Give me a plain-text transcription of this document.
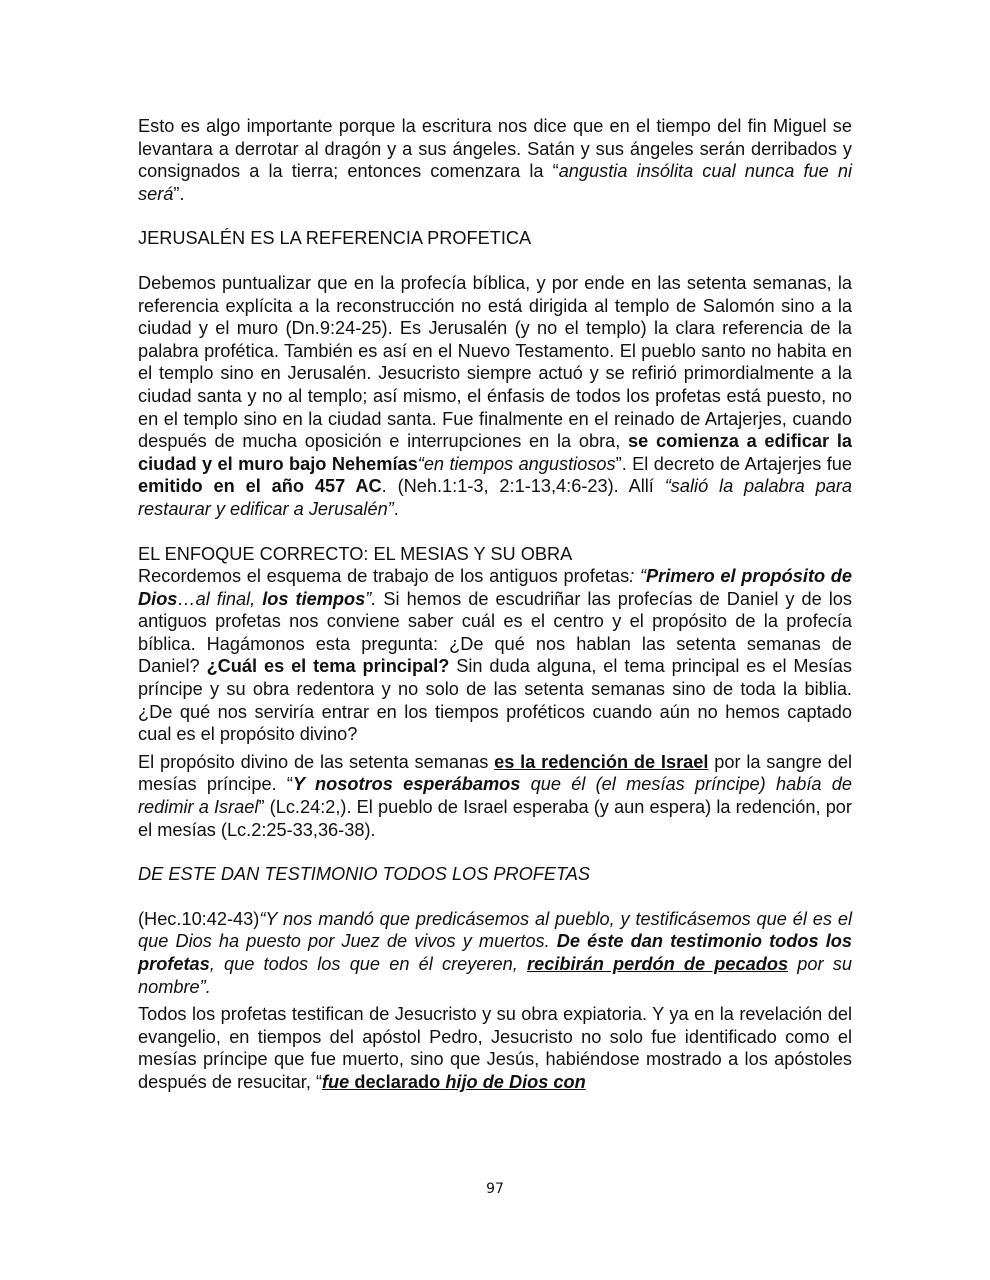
Esto es algo importante porque la escritura nos dice que en el tiempo del fin Miguel se levantara a derrotar al dragón y a sus ángeles. Satán y sus ángeles serán derribados y consignados a la tierra; entonces comenzara la “angustia insólita cual nunca fue ni será”.

JERUSALÉN ES LA REFERENCIA PROFETICA

Debemos puntualizar que en la profecía bíblica, y por ende en las setenta semanas, la referencia explícita a la reconstrucción no está dirigida al templo de Salomón sino a la ciudad y el muro (Dn.9:24-25). Es Jerusalén (y no el templo) la clara referencia de la palabra profética. También es así en el Nuevo Testamento. El pueblo santo no habita en el templo sino en Jerusalén. Jesucristo siempre actuó y se refirió primordialmente a la ciudad santa y no al templo; así mismo, el énfasis de todos los profetas está puesto, no en el templo sino en la ciudad santa. Fue finalmente en el reinado de Artajerjes, cuando después de mucha oposición e interrupciones en la obra, se comienza a edificar la ciudad y el muro bajo Nehemías“en tiempos angustiosos”. El decreto de Artajerjes fue emitido en el año 457 AC. (Neh.1:1-3, 2:1-13,4:6-23). Allí “salió la palabra para restaurar y edificar a Jerusalén”.

EL ENFOQUE CORRECTO: EL MESIAS Y SU OBRA

Recordemos el esquema de trabajo de los antiguos profetas: “Primero el propósito de Dios…al final, los tiempos”. Si hemos de escudriñar las profecías de Daniel y de los antiguos profetas nos conviene saber cuál es el centro y el propósito de la profecía bíblica. Hagámonos esta pregunta: ¿De qué nos hablan las setenta semanas de Daniel? ¿Cuál es el tema principal? Sin duda alguna, el tema principal es el Mesías príncipe y su obra redentora y no solo de las setenta semanas sino de toda la biblia. ¿De qué nos serviría entrar en los tiempos proféticos cuando aún no hemos captado cual es el propósito divino?

El propósito divino de las setenta semanas es la redención de Israel por la sangre del mesías príncipe. “Y nosotros esperábamos que él (el mesías príncipe) había de redimir a Israel” (Lc.24:2,). El pueblo de Israel esperaba (y aun espera) la redención, por el mesías (Lc.2:25-33,36-38).

DE ESTE DAN TESTIMONIO TODOS LOS PROFETAS

(Hec.10:42-43)“Y nos mandó que predicásemos al pueblo, y testificásemos que él es el que Dios ha puesto por Juez de vivos y muertos. De éste dan testimonio todos los profetas, que todos los que en él creyeren, recibirán perdón de pecados por su nombre”.

Todos los profetas testifican de Jesucristo y su obra expiatoria. Y ya en la revelación del evangelio, en tiempos del apóstol Pedro, Jesucristo no solo fue identificado como el mesías príncipe que fue muerto, sino que Jesús, habiéndose mostrado a los apóstoles después de resucitar, “fue declarado hijo de Dios con

97
